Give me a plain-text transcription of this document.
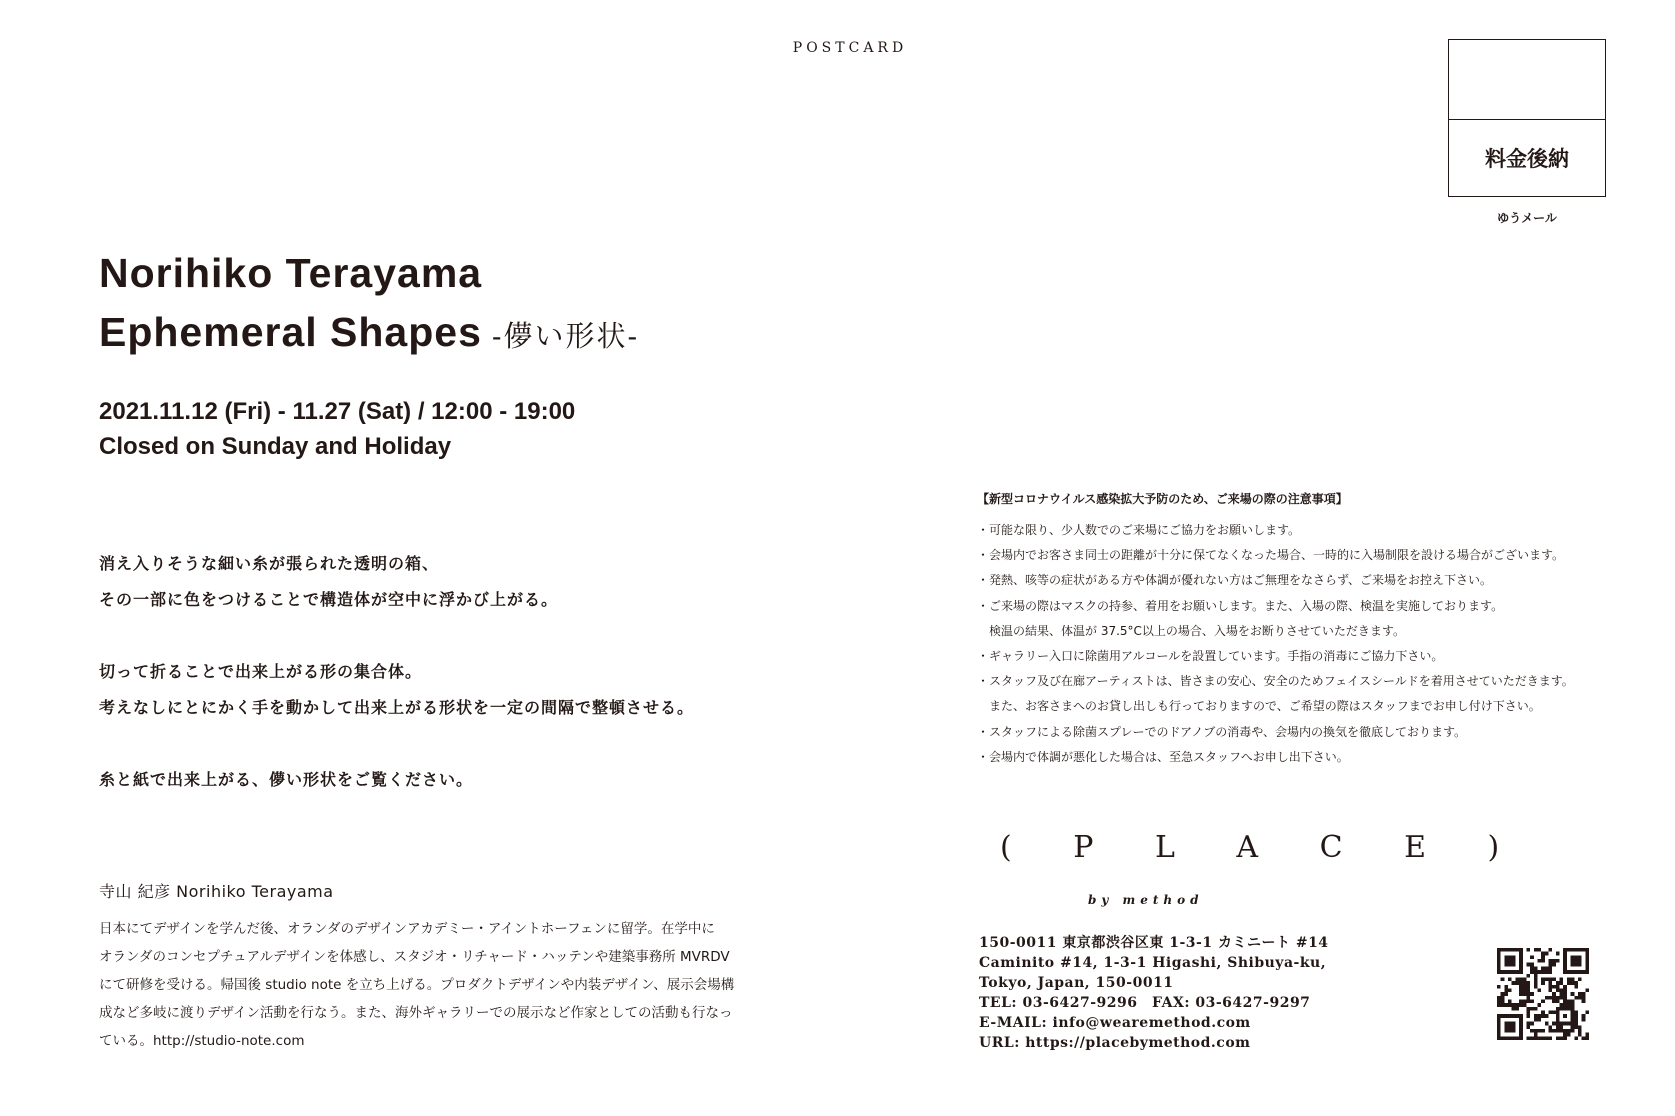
POSTCARD
料金後納
ゆうメール
Norihiko Terayama
Ephemeral Shapes -儚い形状-
2021.11.12 (Fri) - 11.27 (Sat) / 12:00 - 19:00
Closed on Sunday and Holiday

消え入りそうな細い糸が張られた透明の箱、

その一部に色をつけることで構造体が空中に浮かび上がる。

切って折ることで出来上がる形の集合体。

考えなしにとにかく手を動かして出来上がる形状を一定の間隔で整頓させる。

糸と紙で出来上がる、儚い形状をご覧ください。

寺山 紀彦 Norihiko Terayama

日本にてデザインを学んだ後、オランダのデザインアカデミー・アイントホーフェンに留学。在学中に

オランダのコンセプチュアルデザインを体感し、スタジオ・リチャード・ハッテンや建築事務所 MVRDV

にて研修を受ける。帰国後 studio note を立ち上げる。プロダクトデザインや内装デザイン、展示会場構

成など多岐に渡りデザイン活動を行なう。また、海外ギャラリーでの展示など作家としての活動も行なっ

ている。http://studio-note.com

【新型コロナウイルス感染拡大予防のため、ご来場の際の注意事項】
・可能な限り、少人数でのご来場にご協力をお願いします。
・会場内でお客さま同士の距離が十分に保てなくなった場合、一時的に入場制限を設ける場合がございます。
・発熱、咳等の症状がある方や体調が優れない方はご無理をなさらず、ご来場をお控え下さい。
・ご来場の際はマスクの持参、着用をお願いします。また、入場の際、検温を実施しております。
　検温の結果、体温が 37.5°C以上の場合、入場をお断りさせていただきます。
・ギャラリー入口に除菌用アルコールを設置しています。手指の消毒にご協力下さい。
・スタッフ及び在廊アーティストは、皆さまの安心、安全のためフェイスシールドを着用させていただきます。
　また、お客さまへのお貸し出しも行っておりますので、ご希望の際はスタッフまでお申し付け下さい。
・スタッフによる除菌スプレーでのドアノブの消毒や、会場内の換気を徹底しております。
・会場内で体調が悪化した場合は、至急スタッフへお申し出下さい。
( P L A C E )
by method
150-0011 東京都渋谷区東 1-3-1 カミニート #14
Caminito #14, 1-3-1 Higashi, Shibuya-ku,
Tokyo, Japan, 150-0011
TEL: 03-6427-9296　FAX: 03-6427-9297
E-MAIL: info@wearemethod.com
URL: https://placebymethod.com
